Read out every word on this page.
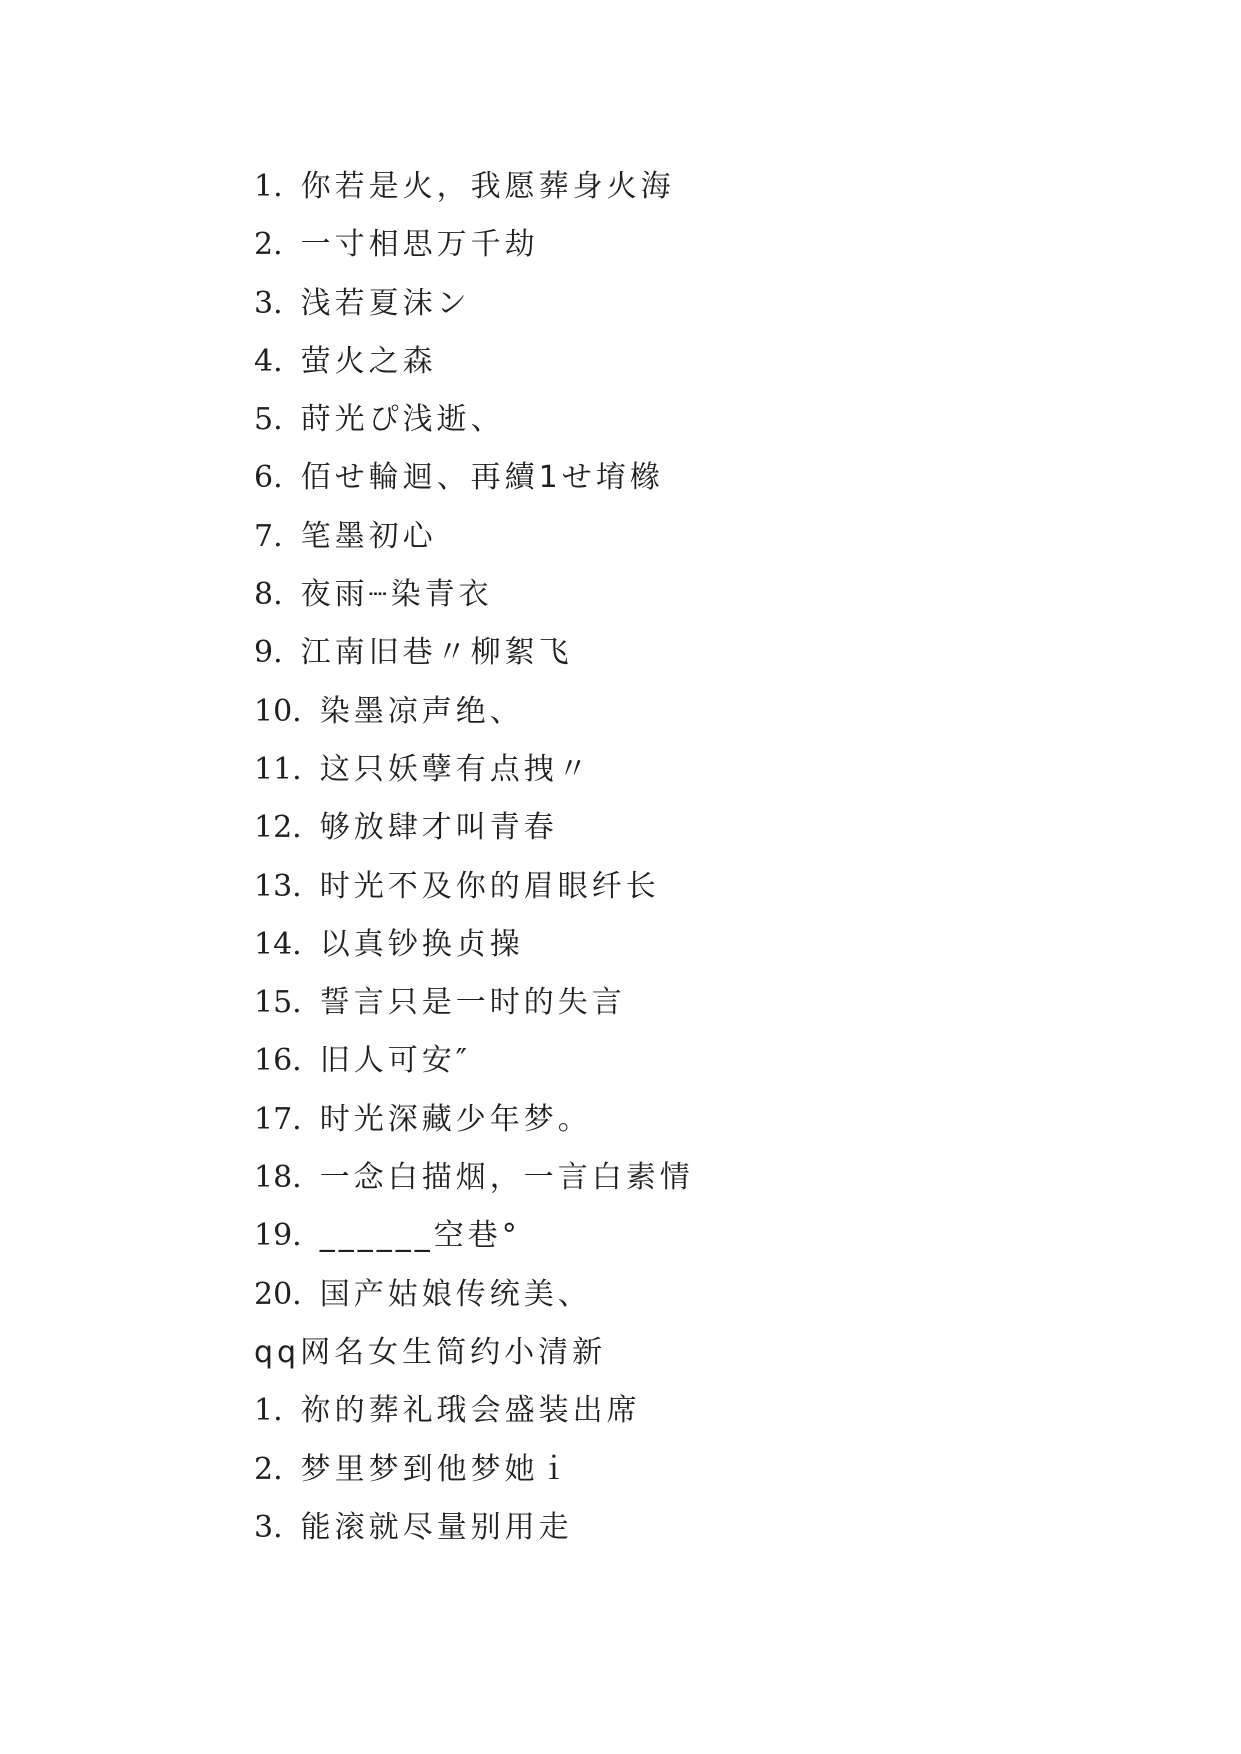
1. 你若是火，我愿葬身火海
2. 一寸相思万千劫
3. 浅若夏沫ン
4. 萤火之森
5. 莳光ぴ浅逝、
6. 佰せ輪迴、再續1せ堉橼
7. 笔墨初心
8. 夜雨┈染青衣
9. 江南旧巷〃柳絮飞
10. 染墨凉声绝、
11. 这只妖孽有点拽〃
12. 够放肆才叫青春
13. 时光不及你的眉眼纤长
14. 以真钞换贞操
15. 誓言只是一时的失言
16. 旧人可安″
17. 时光深藏少年梦。
18. 一念白描烟，一言白素情
19. ______空巷°
20. 国产姑娘传统美、
qq网名女生简约小清新
1. 祢的葬礼珴会盛装出席
2. 梦里梦到他梦她ｉ
3. 能滚就尽量别用走
